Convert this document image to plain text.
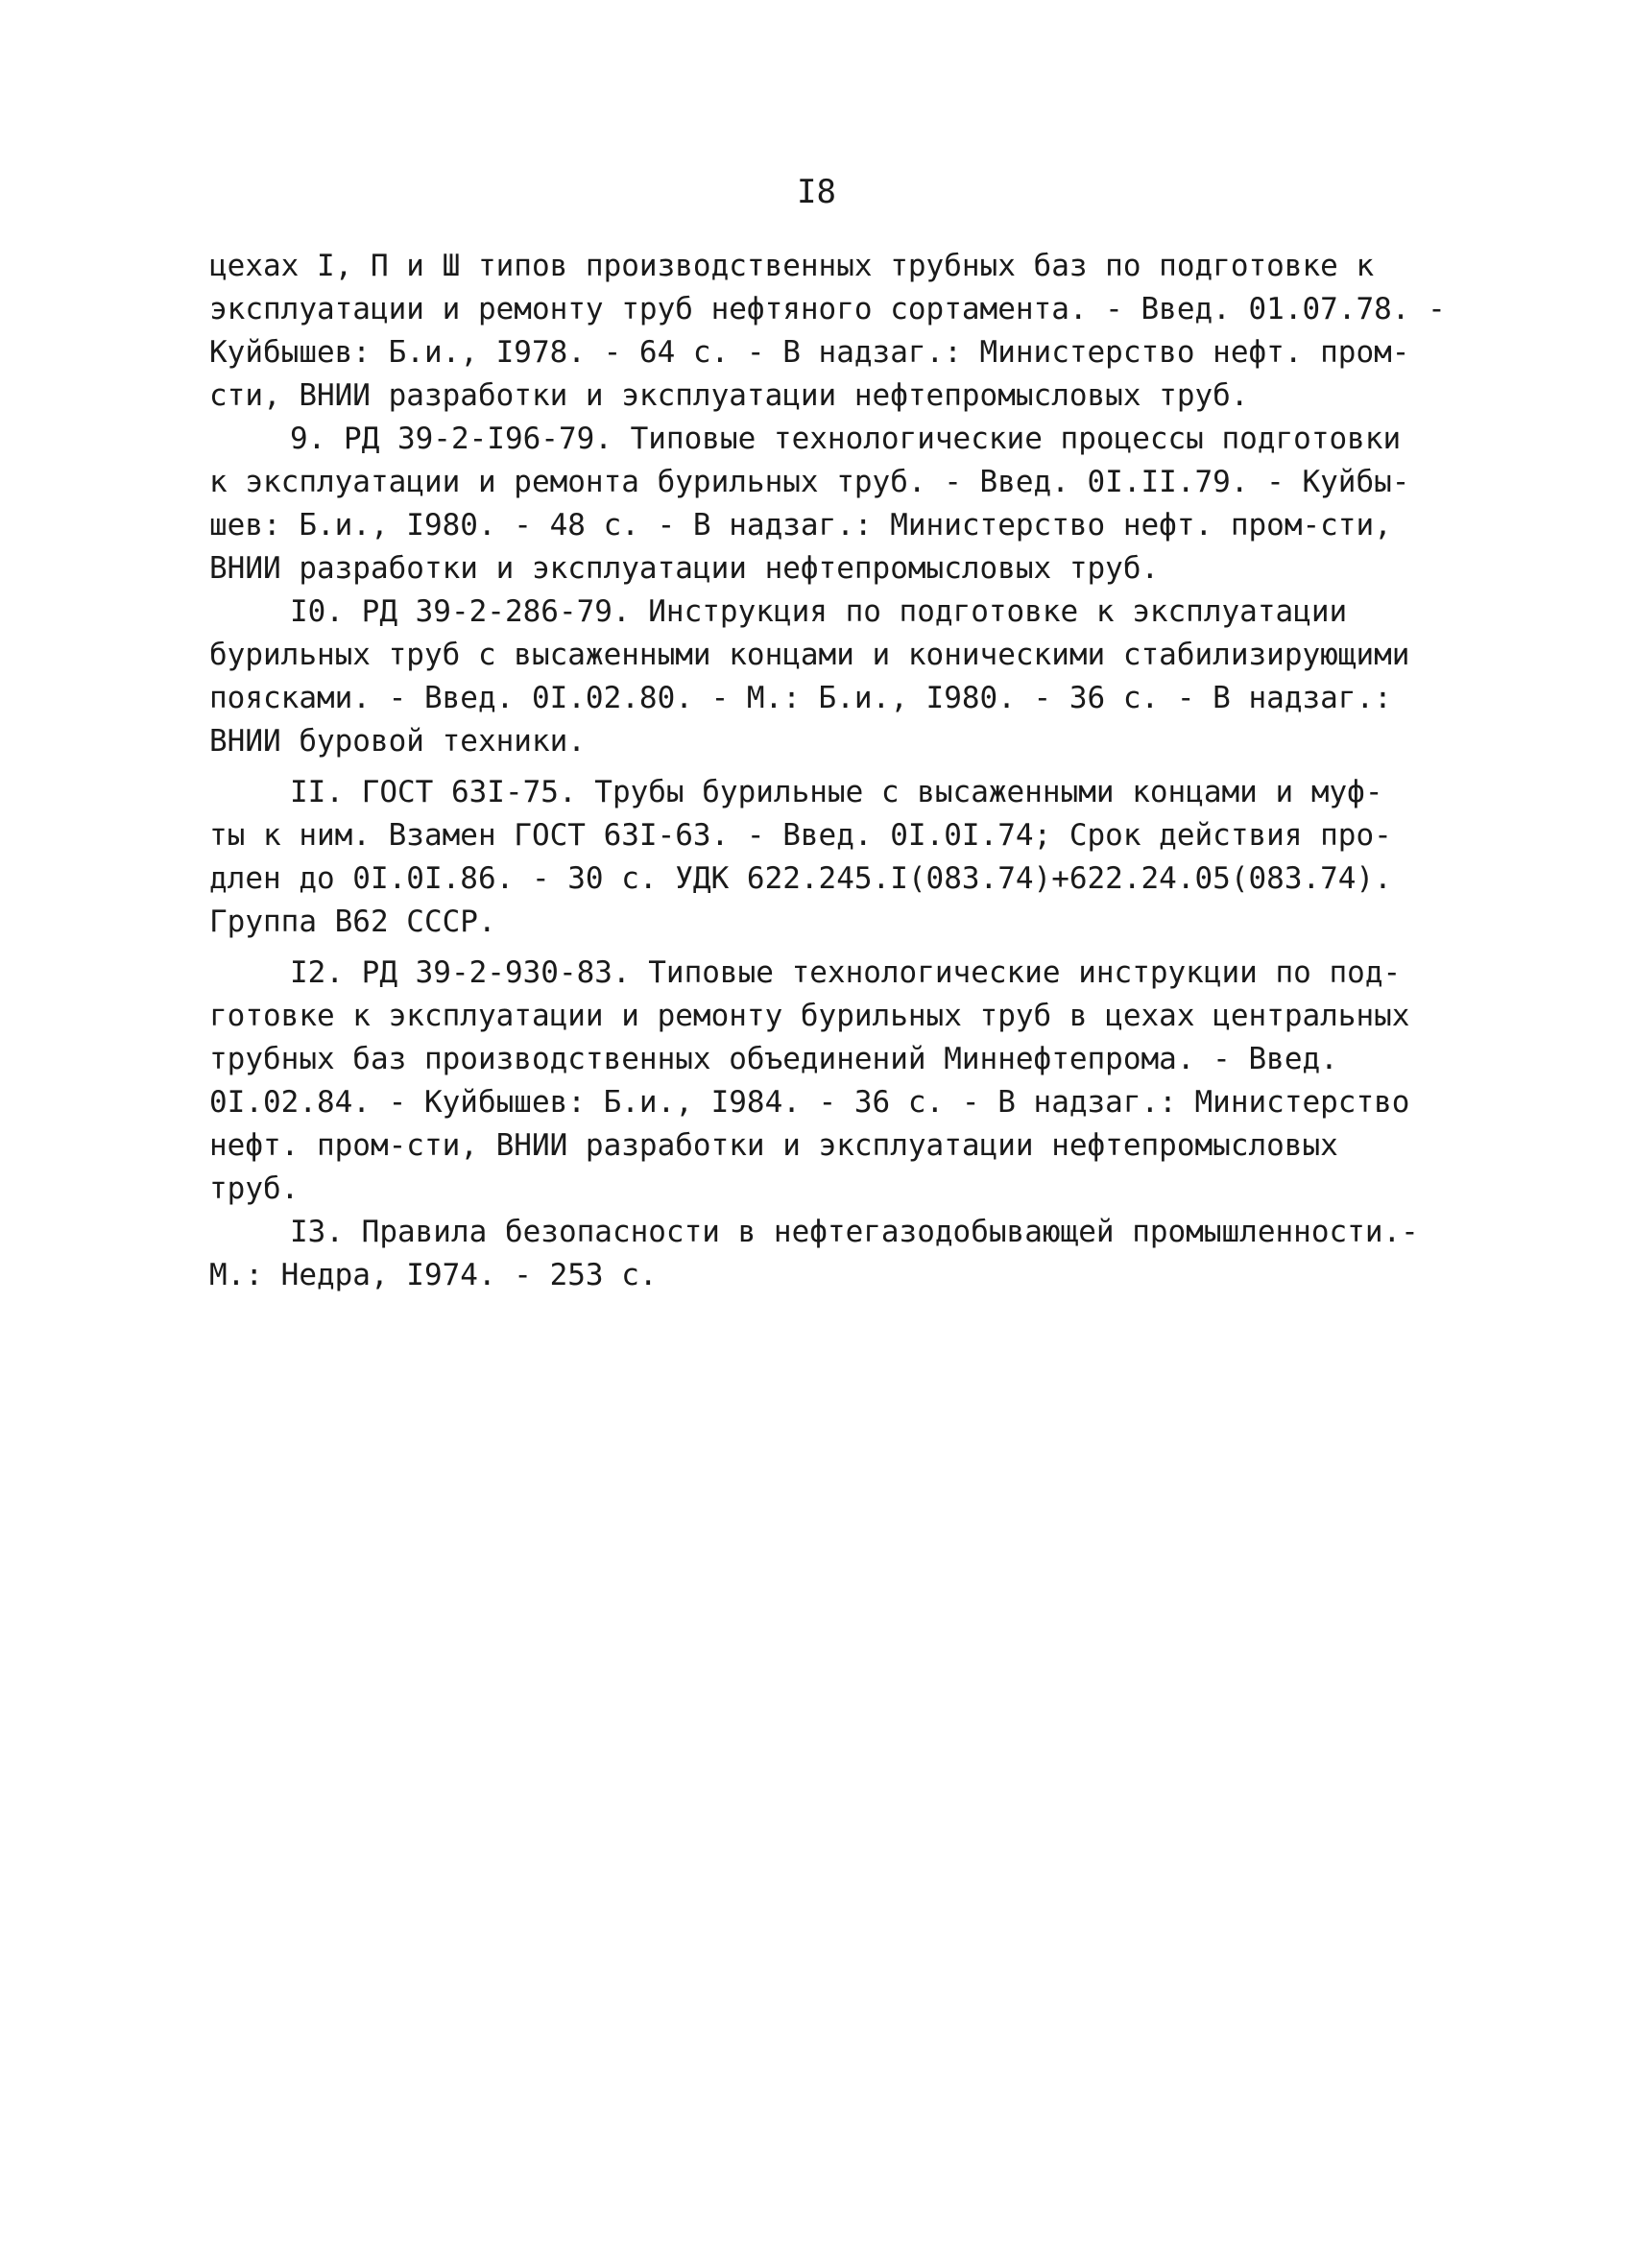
I8
цехах I, П и Ш типов производственных трубных баз по подготовке к
эксплуатации и ремонту труб нефтяного сортамента. - Введ. 01.07.78. -
Куйбышев: Б.и., I978. - 64 с. - В надзаг.: Министерство нефт. пром-
сти, ВНИИ разработки и эксплуатации нефтепромысловых труб.
9. РД 39-2-I96-79. Типовые технологические процессы подготовки
к эксплуатации и ремонта бурильных труб. - Введ. 0I.II.79. - Куйбы-
шев: Б.и., I980. - 48 с. - В надзаг.: Министерство нефт. пром-сти,
ВНИИ разработки и эксплуатации нефтепромысловых труб.
I0. РД 39-2-286-79. Инструкция по подготовке к эксплуатации
бурильных труб с высаженными концами и коническими стабилизирующими
поясками. - Введ. 0I.02.80. - М.: Б.и., I980. - 36 с. - В надзаг.:
ВНИИ буровой техники.
II. ГОСТ 63I-75. Трубы бурильные с высаженными концами и муф-
ты к ним. Взамен ГОСТ 63I-63. - Введ. 0I.0I.74; Срок действия про-
длен до 0I.0I.86. - 30 с. УДК 622.245.I(083.74)+622.24.05(083.74).
Группа В62 СССР.
I2. РД 39-2-930-83. Типовые технологические инструкции по под-
готовке к эксплуатации и ремонту бурильных труб в цехах центральных
трубных баз производственных объединений Миннефтепрома. - Введ.
0I.02.84. - Куйбышев: Б.и., I984. - 36 с. - В надзаг.: Министерство
нефт. пром-сти, ВНИИ разработки и эксплуатации нефтепромысловых
труб.
I3. Правила безопасности в нефтегазодобывающей промышленности.-
М.: Недра, I974. - 253 с.
